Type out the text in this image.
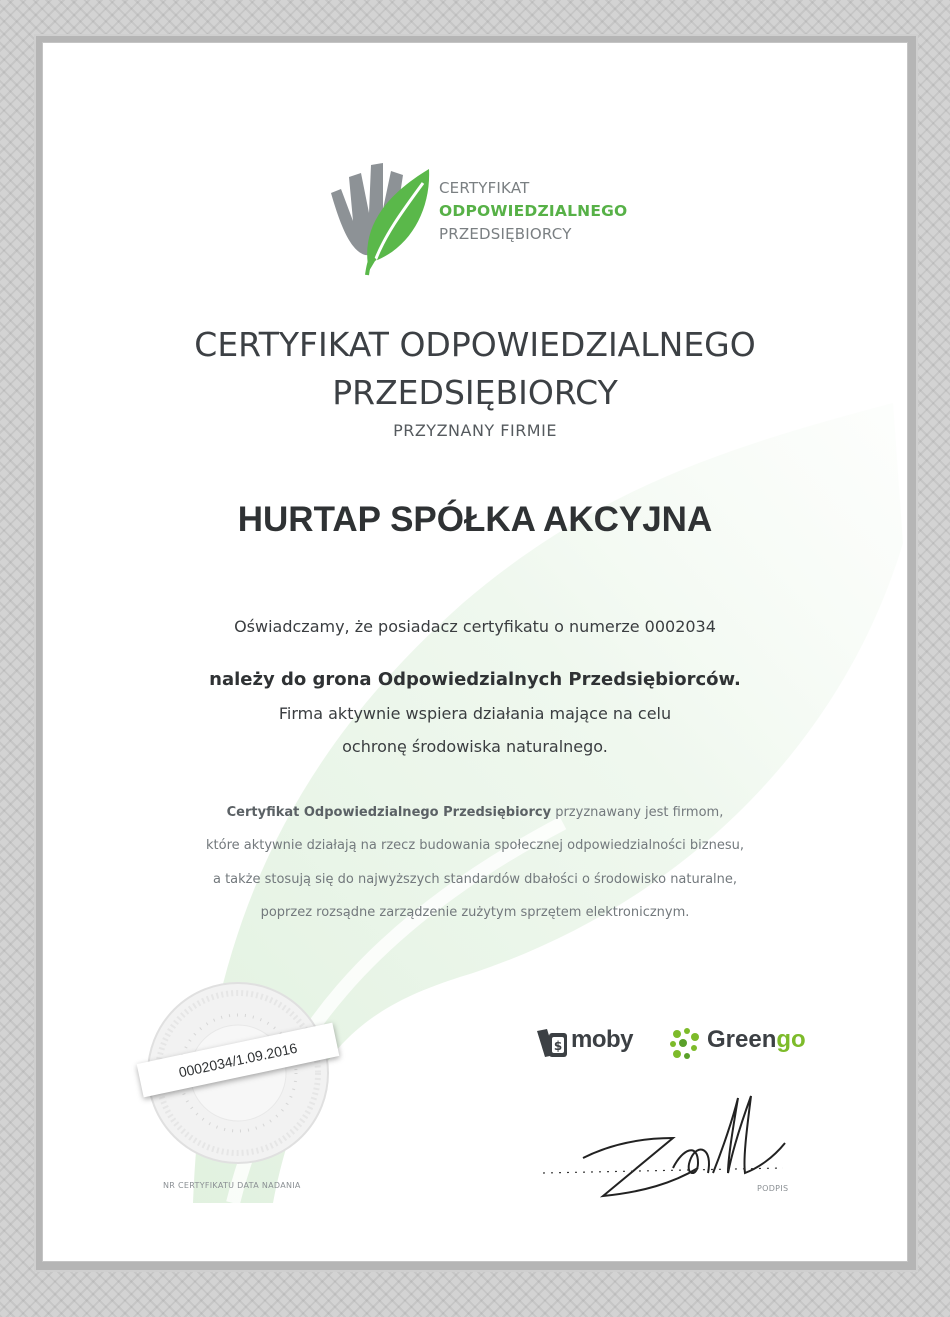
CERTYFIKAT
ODPOWIEDZIALNEGO
PRZEDSIĘBIORCY
CERTYFIKAT ODPOWIEDZIALNEGO
PRZEDSIĘBIORCY
PRZYZNANY FIRMIE
HURTAP SPÓŁKA AKCYJNA
Oświadczamy, że posiadacz certyfikatu o numerze 0002034
należy do grona Odpowiedzialnych Przedsiębiorców.
Firma aktywnie wspiera działania mające na celu
ochronę środowiska naturalnego.
Certyfikat Odpowiedzialnego Przedsiębiorcy przyznawany jest firmom,
które aktywnie działają na rzecz budowania społecznej odpowiedzialności biznesu,
a także stosują się do najwyższych standardów dbałości o środowisko naturalne,
poprzez rozsądne zarządzenie zużytym sprzętem elektronicznym.
0002034/1.09.2016
NR CERTYFIKATU DATA NADANIA
$ moby	Greengo
PODPIS
